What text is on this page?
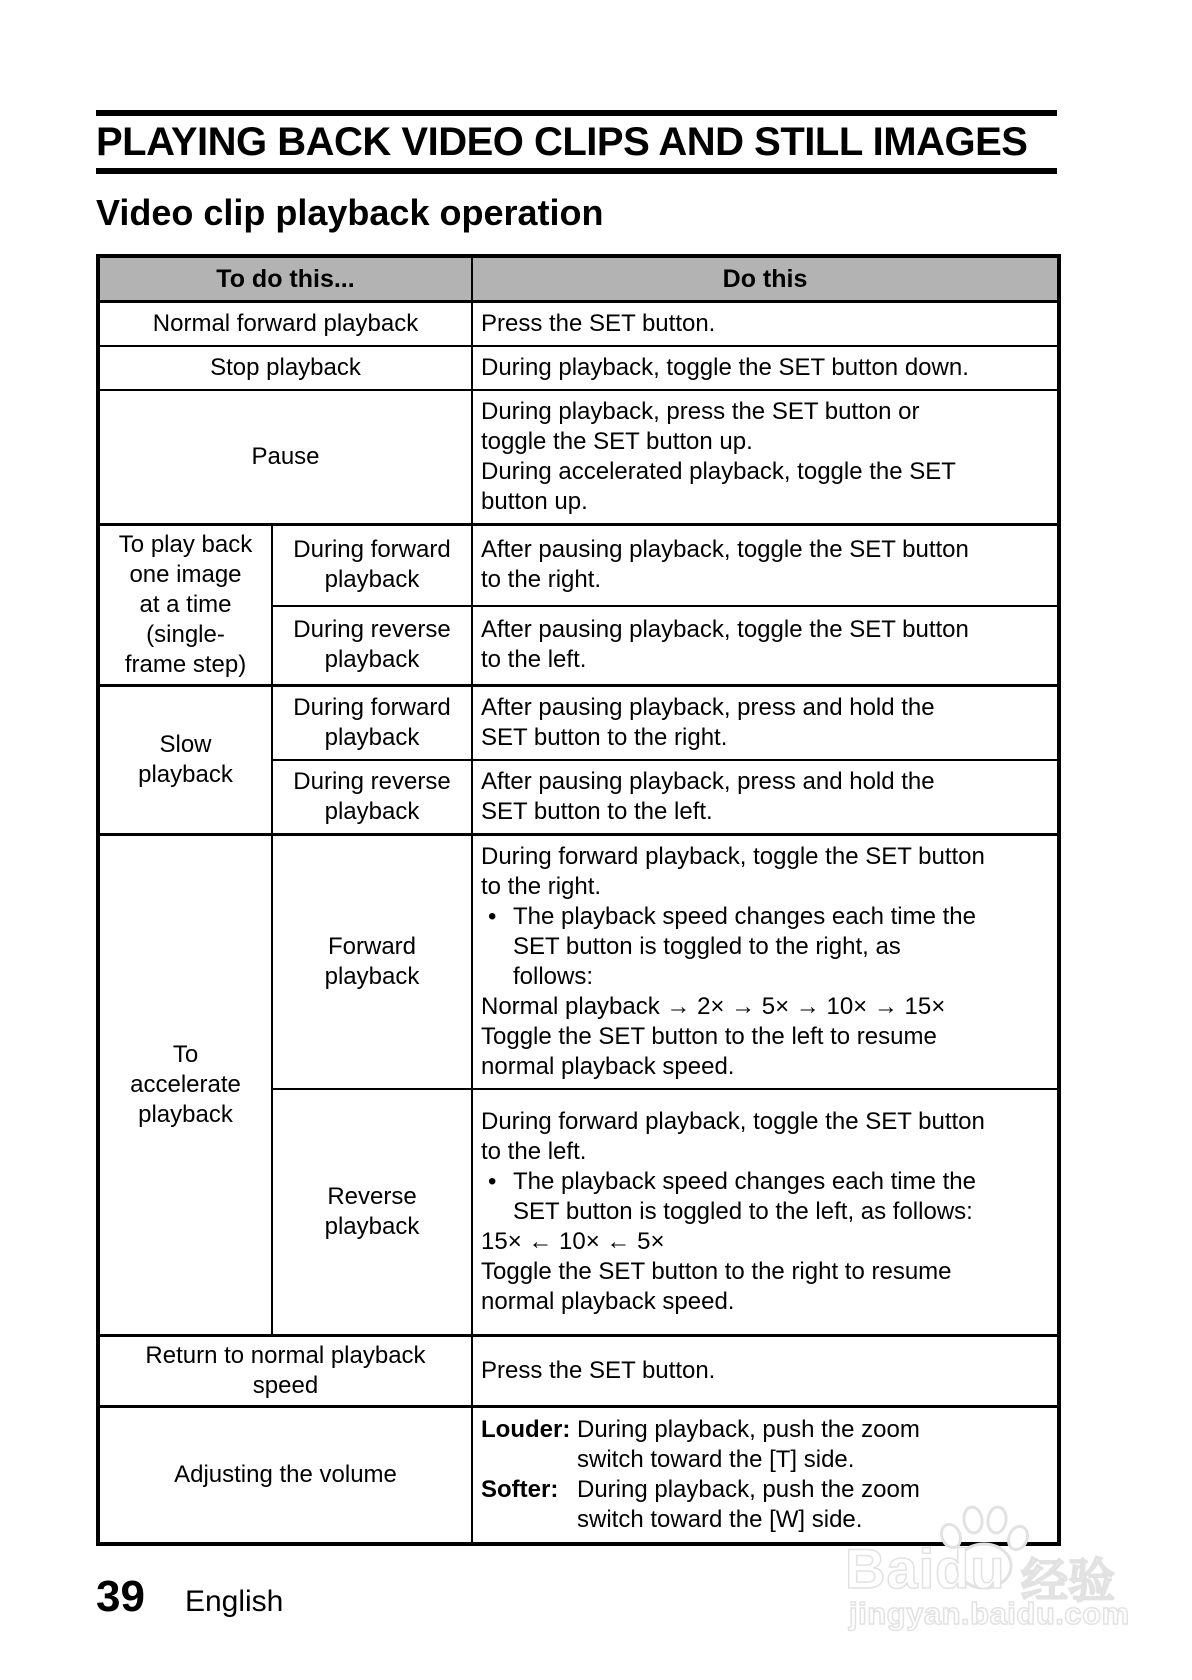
PLAYING BACK VIDEO CLIPS AND STILL IMAGES
Video clip playback operation
To do this...		Do this
Normal forward playback		Press the SET button.
Stop playback		During playback, toggle the SET button down.
Pause		During playback, press the SET button or toggle the SET button up.
During accelerated playback, toggle the SET button up.

To play back one image at a time (single-frame step)	During forward playback	After pausing playback, toggle the SET button to the right.
	During reverse playback	After pausing playback, toggle the SET button to the left.
Slow playback	During forward playback	After pausing playback, press and hold the SET button to the right.
	During reverse playback	After pausing playback, press and hold the SET button to the left.
To accelerate playback	Forward playback	During forward playback, toggle the SET button to the right.
• The playback speed changes each time the SET button is toggled to the right, as follows:
Normal playback → 2× → 5× → 10× → 15×
Toggle the SET button to the left to resume normal playback speed.

	Reverse playback	During forward playback, toggle the SET button to the left.
• The playback speed changes each time the SET button is toggled to the left, as follows:
15× ← 10× ← 5×
Toggle the SET button to the right to resume normal playback speed.

Return to normal playback speed		Press the SET button.
Adjusting the volume		Louder: During playback, push the zoom switch toward the [T] side.
Softer: During playback, push the zoom switch toward the [W] side.
39 English
Baidu 经验
jingyan.baidu.com
